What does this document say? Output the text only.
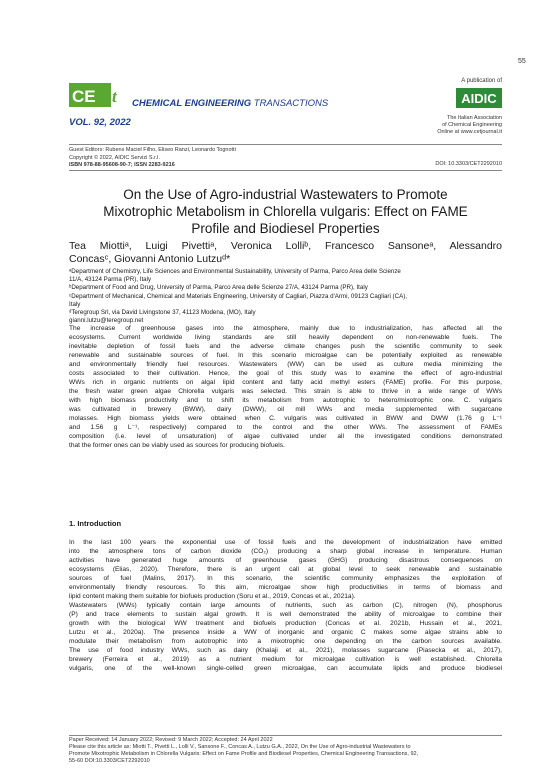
55
A publication of
CE t CHEMICAL ENGINEERING TRANSACTIONS	AIDIC
VOL. 92, 2022	The Italian Association
of Chemical Engineering
Online at www.cetjournal.it
Guest Editors: Rubens Maciel Filho, Eliseo Ranzi, Leonardo Tognotti
Copyright © 2022, AIDIC Servizi S.r.l.
ISBN 978-88-95608-90-7; ISSN 2283-9216	DOI: 10.3303/CET2292010
On the Use of Agro-industrial Wastewaters to Promote
Mixotrophic Metabolism in Chlorella vulgaris: Effect on FAME
Profile and Biodiesel Properties
Tea Miottiᵃ, Luigi Pivettiᵃ, Veronica Lolliᵇ, Francesco Sansoneᵃ, Alessandro
Concasᶜ, Giovanni Antonio Lutzuᵈ*
ᵃDepartment of Chemistry, Life Sciences and Environmental Sustainability, University of Parma, Parco Area delle Scienze
11/A, 43124 Parma (PR), Italy
ᵇDepartment of Food and Drug, University of Parma, Parco Area delle Scienze 27/A, 43124 Parma (PR), Italy
ᶜDepartment of Mechanical, Chemical and Materials Engineering, University of Cagliari, Piazza d'Armi, 09123 Cagliari (CA),
Italy
ᵈTeregroup Srl, via David Livingstone 37, 41123 Modena, (MO), Italy
gianni.lutzu@teregroup.net
The increase of greenhouse gases into the atmosphere, mainly due to industrialization, has affected all the
ecosystems. Current worldwide living standards are still heavily dependent on non-renewable fuels. The
inevitable depletion of fossil fuels and the adverse climate changes push the scientific community to seek
renewable and sustainable sources of fuel. In this scenario microalgae can be potentially exploited as renewable
and environmentally friendly fuel resources. Wastewaters (WW) can be used as culture media minimizing the
costs associated to their cultivation. Hence, the goal of this study was to examine the effect of agro-industrial
WWs rich in organic nutrients on algal lipid content and fatty acid methyl esters (FAME) profile. For this purpose,
the fresh water green algae Chlorella vulgaris was selected. This strain is able to thrive in a wide range of WWs
with high biomass productivity and to shift its metabolism from autotrophic to hetero/mixotrophic one. C. vulgaris
was cultivated in brewery (BWW), dairy (DWW), oil mill WWs and media supplemented with sugarcane
molasses. High biomass yields were obtained when C. vulgaris was cultivated in BWW and DWW (1.76 g L⁻¹
and 1.56 g L⁻¹, respectively) compared to the control and the other WWs. The assessment of FAMEs
composition (i.e. level of unsaturation) of algae cultivated under all the investigated conditions demonstrated
that the former ones can be viably used as sources for producing biofuels.
1. Introduction
In the last 100 years the exponential use of fossil fuels and the development of industrialization have emitted
into the atmosphere tons of carbon dioxide (CO₂) producing a sharp global increase in temperature. Human
activities have generated huge amounts of greenhouse gases (GHG) producing disastrous consequences on
ecosystems (Elias, 2020). Therefore, there is an urgent call at global level to seek renewable and sustainable
sources of fuel (Malins, 2017). In this scenario, the scientific community emphasizes the exploitation of
environmentally friendly resources. To this aim, microalgae show high productivities in terms of biomass and
lipid content making them suitable for biofuels production (Soru et al., 2019, Concas et al., 2021a).
Wastewaters (WWs) typically contain large amounts of nutrients, such as carbon (C), nitrogen (N), phosphorus
(P) and trace elements to sustain algal growth. It is well demonstrated the ability of microalgae to combine their
growth with the biological WW treatment and biofuels production (Concas et al. 2021b, Hussain et al., 2021,
Lutzu et al., 2020a). The presence inside a WW of inorganic and organic C makes some algae strains able to
modulate their metabolism from autotrophic into a mixotrophic one depending on the carbon sources available.
The use of food industry WWs, such as dairy (Khalaji et al., 2021), molasses sugarcane (Piasecka et al., 2017),
brewery (Ferreira et al., 2019) as a nutrient medium for microalgae cultivation is well established. Chlorella
vulgaris, one of the well-known single-celled green microalgae, can accumulate lipids and produce biodiesel
Paper Received: 14 January 2022; Revised: 9 March 2022; Accepted: 24 April 2022
Please cite this article as: Miotti T., Pivetti L., Lolli V., Sansone F., Concas A., Lutzu G.A., 2022, On the Use of Agro-industrial Wastewaters to
Promote Mixotrophic Metabolism in Chlorella Vulgaris: Effect on Fame Profile and Biodiesel Properties, Chemical Engineering Transactions, 92,
55-60 DOI:10.3303/CET2292010
